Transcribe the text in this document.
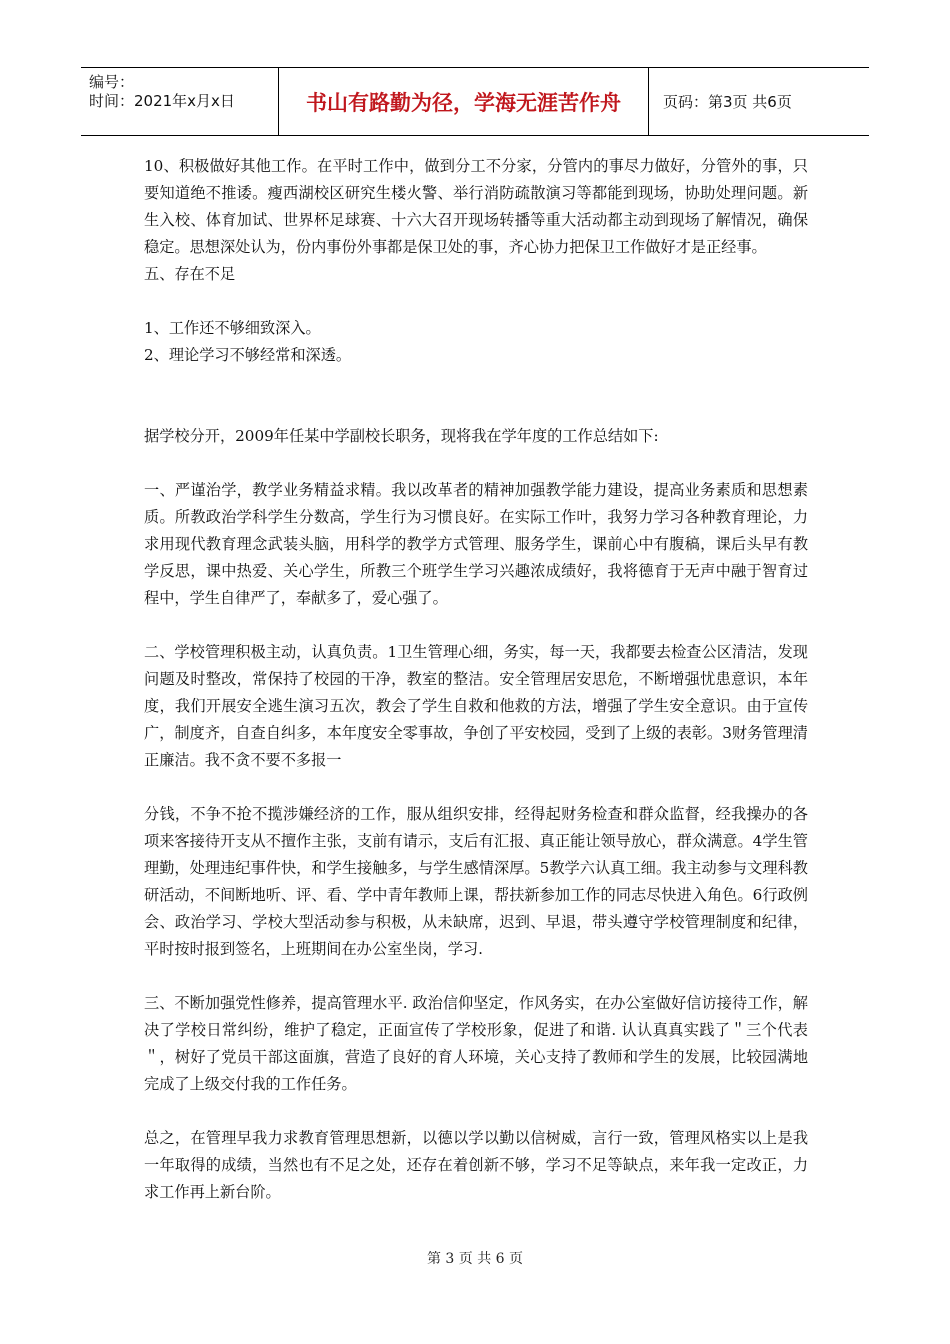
编号：
时间：2021年x月x日	书山有路勤为径，学海无涯苦作舟	页码：第3页 共6页

10、积极做好其他工作。在平时工作中，做到分工不分家，分管内的事尽力做好，分管外的事，只要知道绝不推诿。瘦西湖校区研究生楼火警、举行消防疏散演习等都能到现场，协助处理问题。新生入校、体育加试、世界杯足球赛、十六大召开现场转播等重大活动都主动到现场了解情况，确保稳定。思想深处认为，份内事份外事都是保卫处的事，齐心协力把保卫工作做好才是正经事。

五、存在不足

1、工作还不够细致深入。

2、理论学习不够经常和深透。

据学校分开，2009年任某中学副校长职务，现将我在学年度的工作总结如下:

一、严谨治学，教学业务精益求精。我以改革者的精神加强教学能力建设，提高业务素质和思想素质。所教政治学科学生分数高，学生行为习惯良好。在实际工作叶，我努力学习各种教育理论，力求用现代教育理念武装头脑，用科学的教学方式管理、服务学生，课前心中有腹稿，课后头早有教学反思，课中热爱、关心学生，所教三个班学生学习兴趣浓成绩好，我将德育于无声中融于智育过程中，学生自律严了，奉献多了，爱心强了。

二、学校管理积极主动，认真负责。1卫生管理心细，务实，每一天，我都要去检查公区清洁，发现问题及时整改，常保持了校园的干净，教室的整洁。安全管理居安思危，不断增强忧患意识，本年度，我们开展安全逃生演习五次，教会了学生自救和他救的方法，增强了学生安全意识。由于宣传广，制度齐，自查自纠多，本年度安全零事故，争创了平安校园，受到了上级的表彰。3财务管理清正廉洁。我不贪不要不多报一

分钱，不争不抢不揽涉嫌经济的工作，服从组织安排，经得起财务检查和群众监督，经我操办的各项来客接待开支从不擅作主张，支前有请示，支后有汇报、真正能让领导放心，群众满意。4学生管理勤，处理违纪事件快，和学生接触多，与学生感情深厚。5教学六认真工细。我主动参与文理科教研活动，不间断地听、评、看、学中青年教师上课，帮扶新参加工作的同志尽快进入角色。6行政例会、政治学习、学校大型活动参与积极，从未缺席，迟到、早退，带头遵守学校管理制度和纪律，平时按时报到签名，上班期间在办公室坐岗，学习.

三、不断加强党性修养，提高管理水平. 政治信仰坚定，作风务实，在办公室做好信访接待工作，解决了学校日常纠纷，维护了稳定，正面宣传了学校形象，促进了和谐. 认认真真实践了＂三个代表＂，树好了党员干部这面旗，营造了良好的育人环境，关心支持了教师和学生的发展，比较园满地完成了上级交付我的工作任务。

总之，在管理早我力求教育管理思想新，以德以学以勤以信树威，言行一致，管理风格实以上是我一年取得的成绩，当然也有不足之处，还存在着创新不够，学习不足等缺点，来年我一定改正，力求工作再上新台阶。

第 3 页 共 6 页
